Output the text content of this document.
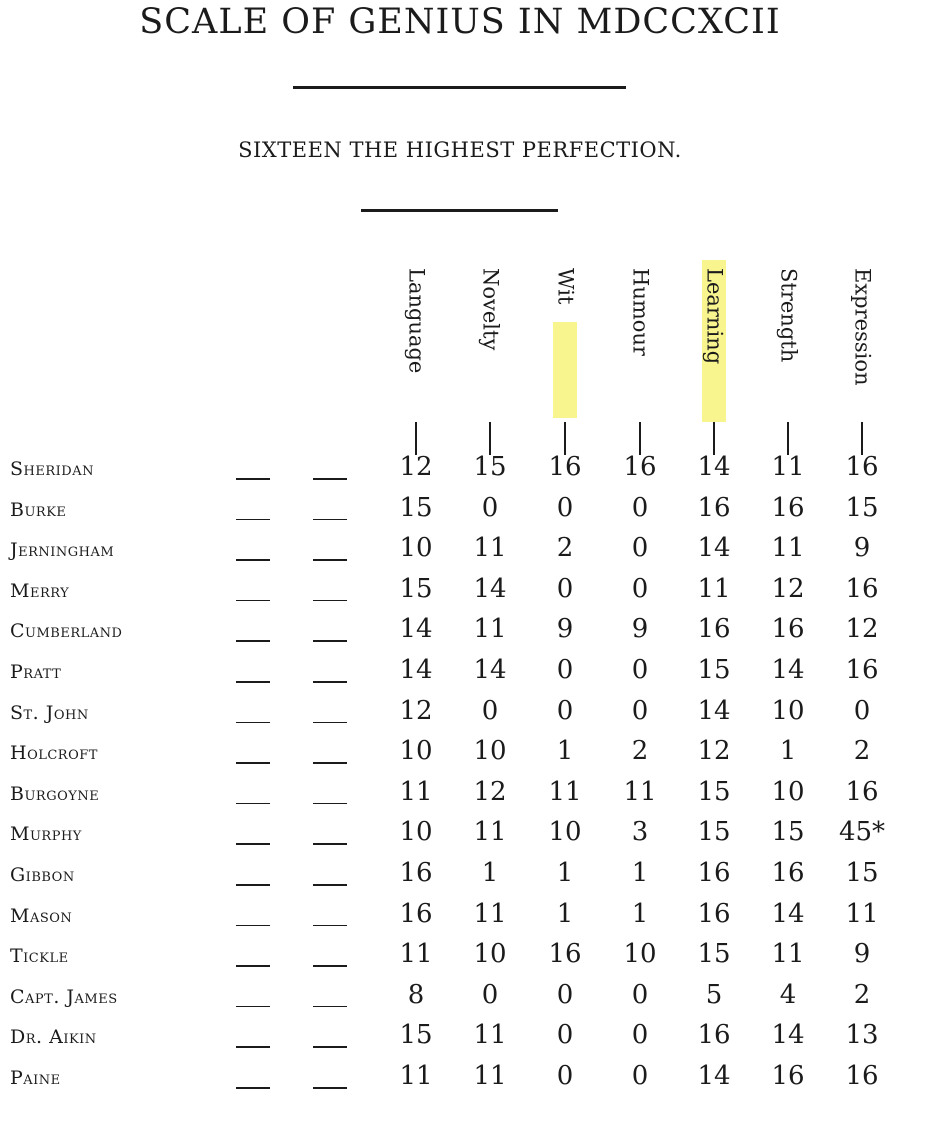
SCALE OF GENIUS IN MDCCXCII
SIXTEEN THE HIGHEST PERFECTION.
Language Novelty Wit Humour Learning Strength Expression
Sheridan	12	15	16	16	14	11	16
Burke	15	0	0	0	16	16	15
Jerningham	10	11	2	0	14	11	9
Merry	15	14	0	0	11	12	16
Cumberland	14	11	9	9	16	16	12
Pratt	14	14	0	0	15	14	16
St. John	12	0	0	0	14	10	0
Holcroft	10	10	1	2	12	1	2
Burgoyne	11	12	11	11	15	10	16
Murphy	10	11	10	3	15	15	45*
Gibbon	16	1	1	1	16	16	15
Mason	16	11	1	1	16	14	11
Tickle	11	10	16	10	15	11	9
Capt. James	8	0	0	0	5	4	2
Dr. Aikin	15	11	0	0	16	14	13
Paine	11	11	0	0	14	16	16
